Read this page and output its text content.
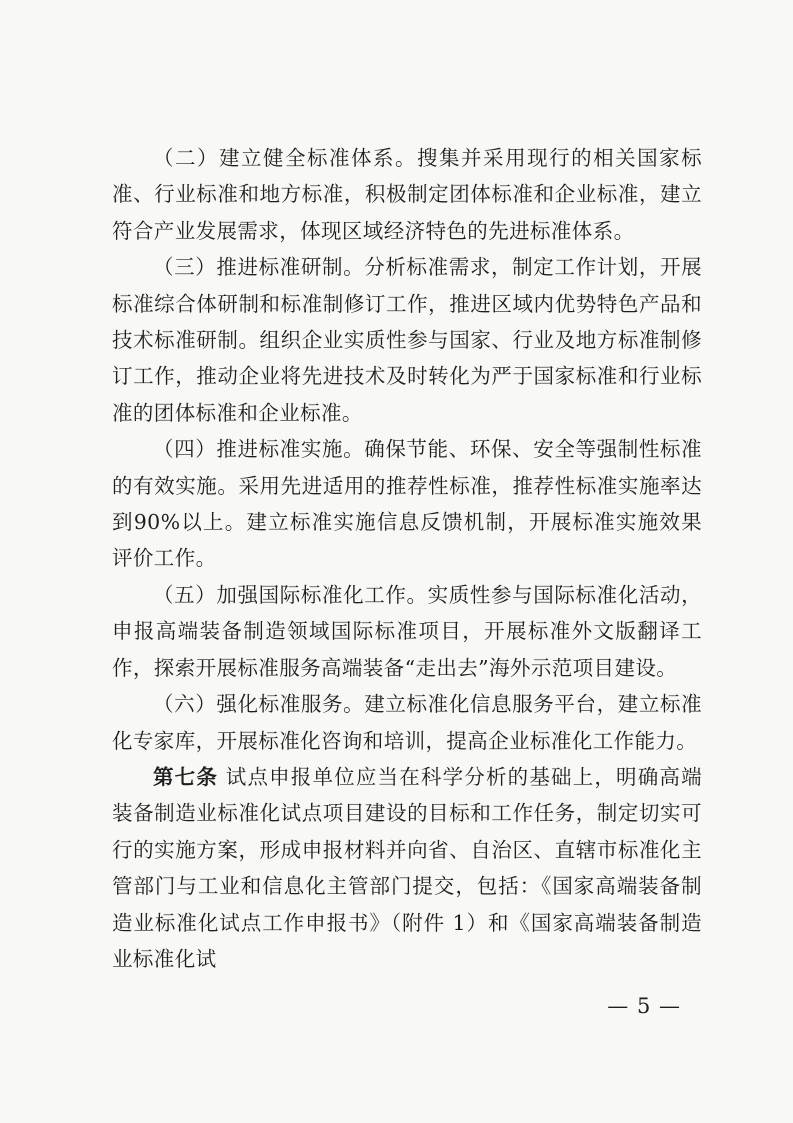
（二）建立健全标准体系。搜集并采用现行的相关国家标准、行业标准和地方标准，积极制定团体标准和企业标准，建立符合产业发展需求，体现区域经济特色的先进标准体系。

（三）推进标准研制。分析标准需求，制定工作计划，开展标准综合体研制和标准制修订工作，推进区域内优势特色产品和技术标准研制。组织企业实质性参与国家、行业及地方标准制修订工作，推动企业将先进技术及时转化为严于国家标准和行业标准的团体标准和企业标准。

（四）推进标准实施。确保节能、环保、安全等强制性标准的有效实施。采用先进适用的推荐性标准，推荐性标准实施率达到90%以上。建立标准实施信息反馈机制，开展标准实施效果评价工作。

（五）加强国际标准化工作。实质性参与国际标准化活动，申报高端装备制造领域国际标准项目，开展标准外文版翻译工作，探索开展标准服务高端装备“走出去”海外示范项目建设。

（六）强化标准服务。建立标准化信息服务平台，建立标准化专家库，开展标准化咨询和培训，提高企业标准化工作能力。

第七条 试点申报单位应当在科学分析的基础上，明确高端装备制造业标准化试点项目建设的目标和工作任务，制定切实可行的实施方案，形成申报材料并向省、自治区、直辖市标准化主管部门与工业和信息化主管部门提交，包括：《国家高端装备制造业标准化试点工作申报书》（附件 1）和《国家高端装备制造业标准化试

— 5 —
